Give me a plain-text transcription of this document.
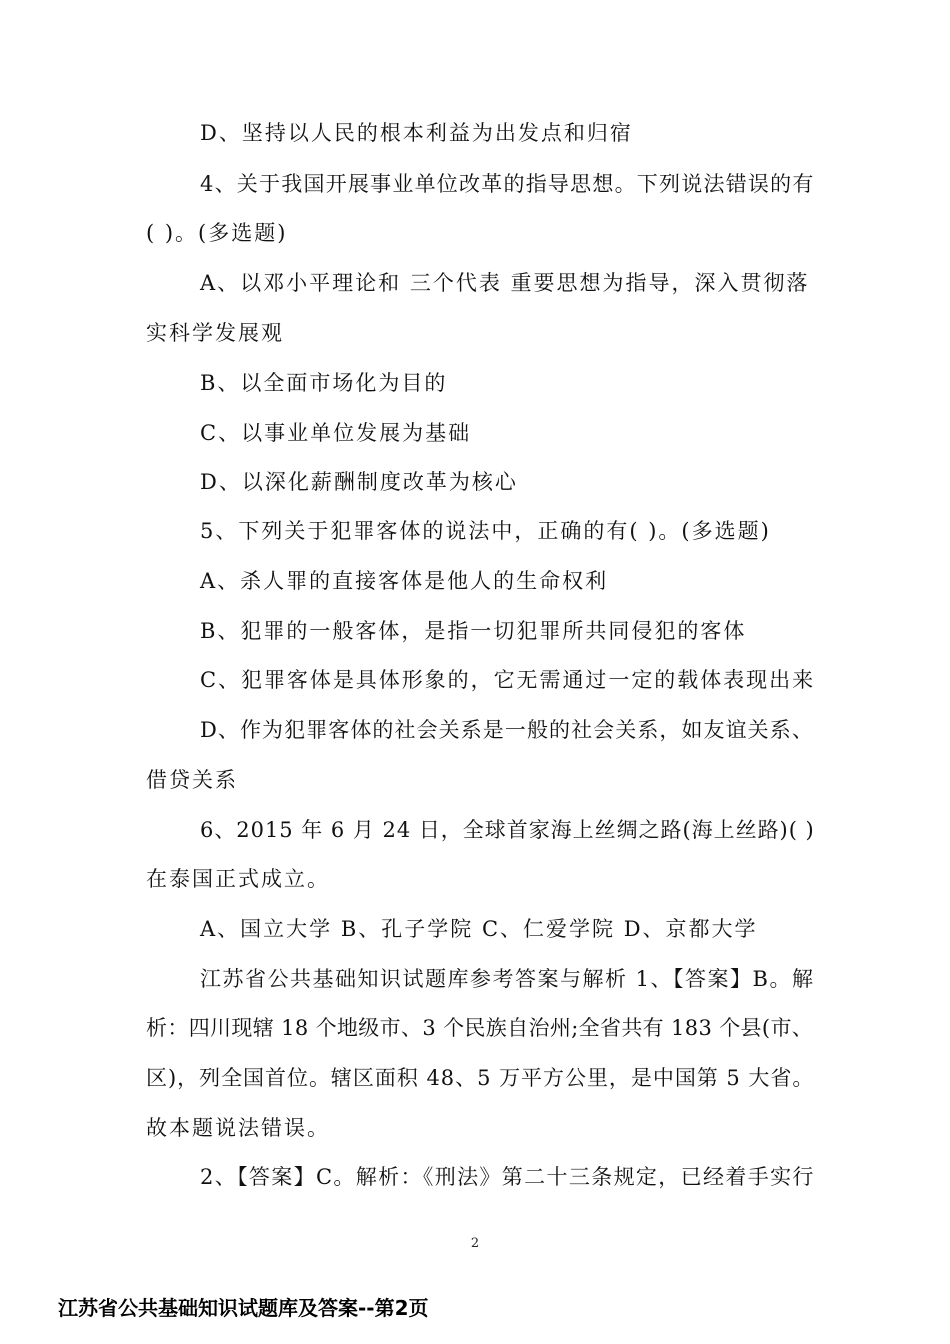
D、坚持以人民的根本利益为出发点和归宿
4、关于我国开展事业单位改革的指导思想。下列说法错误的有
( )。(多选题)
A、以邓小平理论和 三个代表 重要思想为指导，深入贯彻落
实科学发展观
B、以全面市场化为目的
C、以事业单位发展为基础
D、以深化薪酬制度改革为核心
5、下列关于犯罪客体的说法中，正确的有( )。(多选题)
A、杀人罪的直接客体是他人的生命权利
B、犯罪的一般客体，是指一切犯罪所共同侵犯的客体
C、犯罪客体是具体形象的，它无需通过一定的载体表现出来
D、作为犯罪客体的社会关系是一般的社会关系，如友谊关系、
借贷关系
6、2015 年 6 月 24 日，全球首家海上丝绸之路(海上丝路)( )
在泰国正式成立。
A、国立大学 B、孔子学院 C、仁爱学院 D、京都大学
江苏省公共基础知识试题库参考答案与解析 1、【答案】B。解
析：四川现辖 18 个地级市、3 个民族自治州;全省共有 183 个县(市、
区)，列全国首位。辖区面积 48、5 万平方公里，是中国第 5 大省。
故本题说法错误。
2、【答案】C。解析：《刑法》第二十三条规定，已经着手实行
2
江苏省公共基础知识试题库及答案--第2页
